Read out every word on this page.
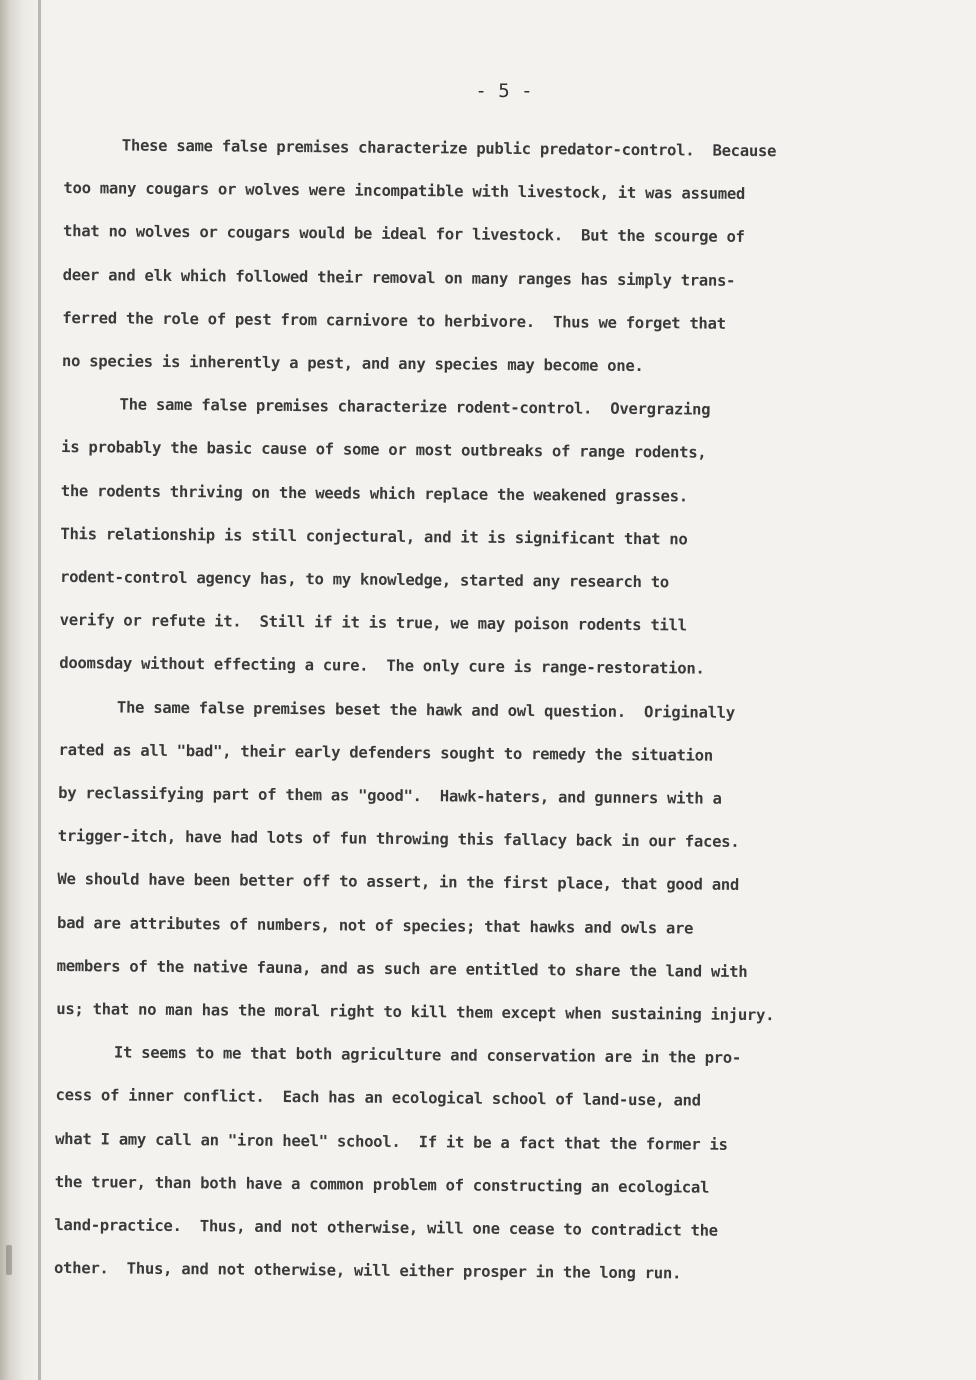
- 5 -
These same false premises characterize public predator-control.  Because
too many cougars or wolves were incompatible with livestock, it was assumed
that no wolves or cougars would be ideal for livestock.  But the scourge of
deer and elk which followed their removal on many ranges has simply trans-
ferred the role of pest from carnivore to herbivore.  Thus we forget that
no species is inherently a pest, and any species may become one.
The same false premises characterize rodent-control.  Overgrazing
is probably the basic cause of some or most outbreaks of range rodents,
the rodents thriving on the weeds which replace the weakened grasses.
This relationship is still conjectural, and it is significant that no
rodent-control agency has, to my knowledge, started any research to
verify or refute it.  Still if it is true, we may poison rodents till
doomsday without effecting a cure.  The only cure is range-restoration.
The same false premises beset the hawk and owl question.  Originally
rated as all "bad", their early defenders sought to remedy the situation
by reclassifying part of them as "good".  Hawk-haters, and gunners with a
trigger-itch, have had lots of fun throwing this fallacy back in our faces.
We should have been better off to assert, in the first place, that good and
bad are attributes of numbers, not of species; that hawks and owls are
members of the native fauna, and as such are entitled to share the land with
us; that no man has the moral right to kill them except when sustaining injury.
It seems to me that both agriculture and conservation are in the pro-
cess of inner conflict.  Each has an ecological school of land-use, and
what I amy call an "iron heel" school.  If it be a fact that the former is
the truer, than both have a common problem of constructing an ecological
land-practice.  Thus, and not otherwise, will one cease to contradict the
other.  Thus, and not otherwise, will either prosper in the long run.
